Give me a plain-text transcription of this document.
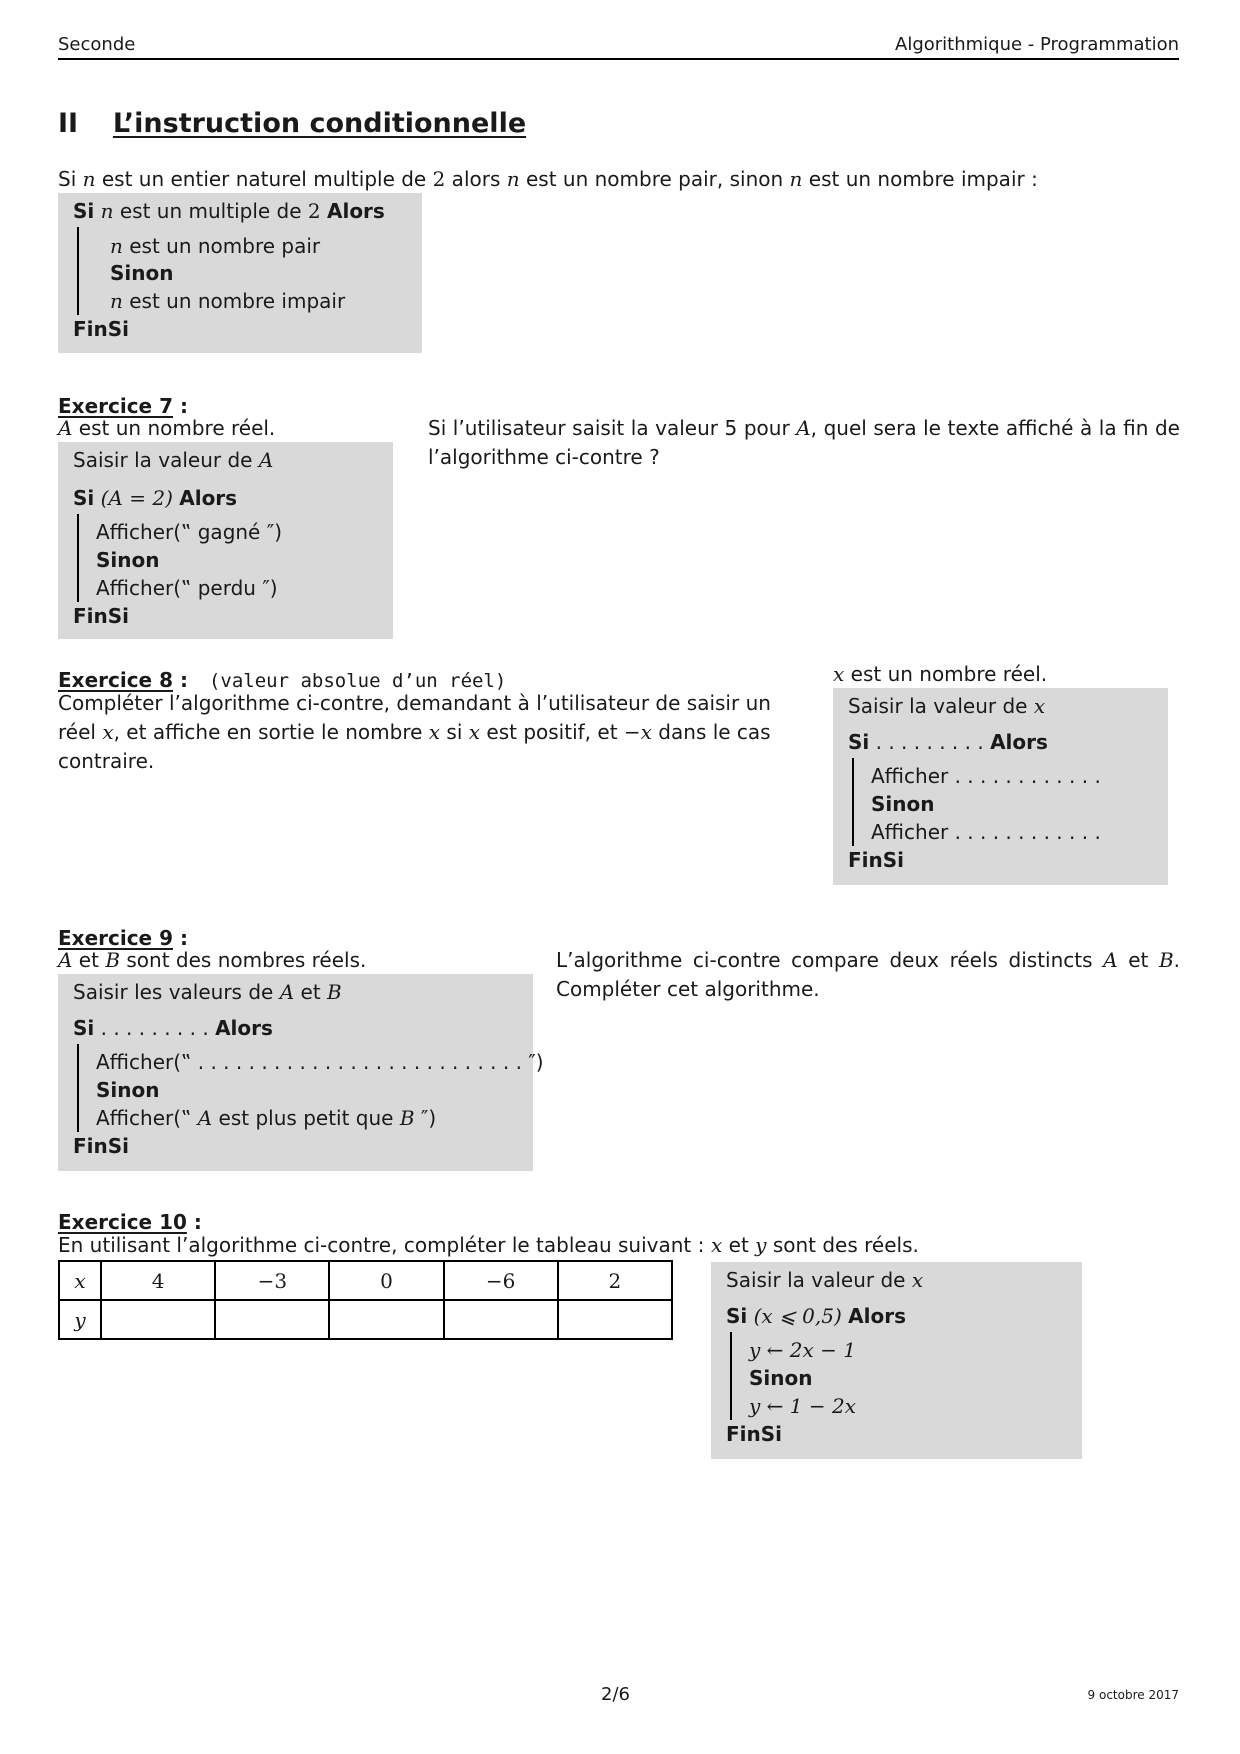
Seconde	Algorithmique - Programmation
II L’instruction conditionnelle
Si n est un entier naturel multiple de 2 alors n est un nombre pair, sinon n est un nombre impair :
Si n est un multiple de 2 Alors
n est un nombre pair
Sinon
n est un nombre impair
FinSi
Exercice 7 :
A est un nombre réel.
Saisir la valeur de A
Si (A = 2) Alors
Afficher(‟ gagné ″)
Sinon
Afficher(‟ perdu ″)
FinSi
Si l’utilisateur saisit la valeur 5 pour A, quel sera le texte affiché à la fin de l’algorithme ci-contre ?
Exercice 8 : (valeur absolue d’un réel)
Compléter l’algorithme ci-contre, demandant à l’utilisateur de saisir un réel x, et affiche en sortie le nombre x si x est positif, et −x dans le cas contraire.
x est un nombre réel.
Saisir la valeur de x
Si . . . . . . . . . Alors
Afficher . . . . . . . . . . . .
Sinon
Afficher . . . . . . . . . . . .
FinSi
Exercice 9 :
A et B sont des nombres réels.
Saisir les valeurs de A et B
Si . . . . . . . . . Alors
Afficher(‟ . . . . . . . . . . . . . . . . . . . . . . . . . . ″)
Sinon
Afficher(‟ A est plus petit que B ″)
FinSi
L’algorithme ci-contre compare deux réels distincts A et B. Compléter cet algorithme.
Exercice 10 :
En utilisant l’algorithme ci-contre, compléter le tableau suivant :
x	4	−3	0	−6	2
y					
x et y sont des réels.
Saisir la valeur de x
Si (x ⩽ 0,5) Alors
y ← 2x − 1
Sinon
y ← 1 − 2x
FinSi
2/6	9 octobre 2017
